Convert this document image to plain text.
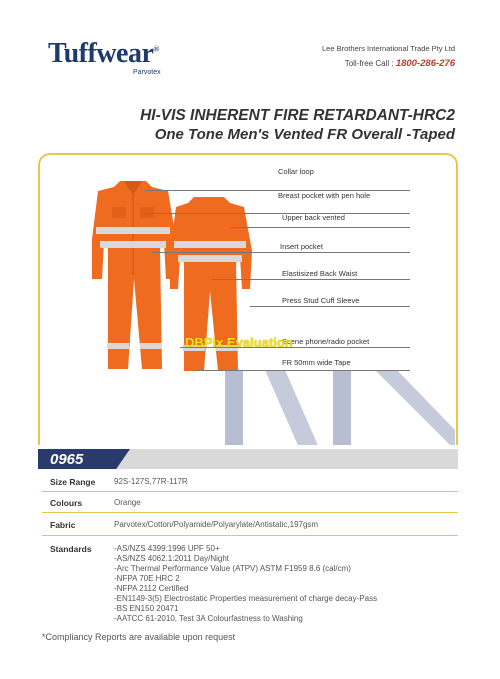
Tuffwear®
Parvotex
Lee Brothers International Trade Pty Ltd
Toll-free Call : 1800-286-276
HI-VIS INHERENT FIRE RETARDANT-HRC2
One Tone Men's Vented FR Overall -Taped
Collar loop
Breast pocket with pen hole
Upper back vented
Insert pocket
Elastisized Back Waist
Press Stud Cuff Sleeve
Scene phone/radio pocket
FR 50mm wide Tape
DBPix Evaluation
0965
Size Range 92S-127S,77R-117R
Colours	Orange
Fabric	Parvotex/Cotton/Polyamide/Polyarylate/Antistatic,197gsm
Standards	-AS/NZS 4399:1996 UPF 50+
-AS/NZS 4062.1:2011 Day/Night
-Arc Thermal Performance Value (ATPV) ASTM F1959 8.6 (cal/cm)
-NFPA 70E HRC 2
-NFPA 2112 Certified
-EN1149-3(5) Electrostatic Properties measurement of charge decay-Pass
-BS EN150 20471
-AATCC 61-2010, Test 3A Colourfastness to Washing
*Compliancy Reports are available upon request
